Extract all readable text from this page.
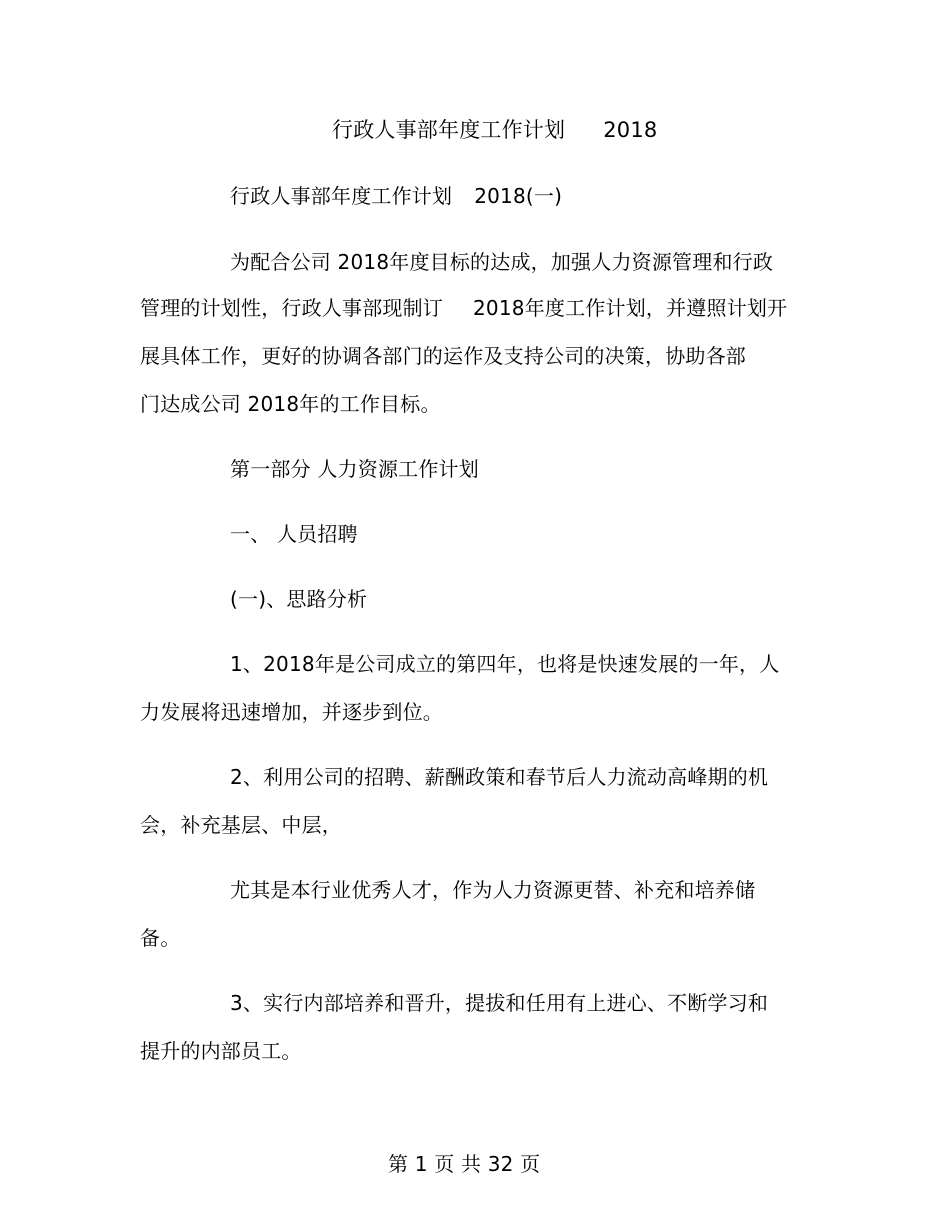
行政人事部年度工作计划 2018
行政人事部年度工作计划 2018(一)
为配合公司 2018年度目标的达成，加强人力资源管理和行政
管理的计划性，行政人事部现制订 2018年度工作计划，并遵照计划开
展具体工作，更好的协调各部门的运作及支持公司的决策，协助各部
门达成公司 2018年的工作目标。
第一部分 人力资源工作计划
一、 人员招聘
(一)、思路分析
1、2018年是公司成立的第四年，也将是快速发展的一年，人
力发展将迅速增加，并逐步到位。
2、利用公司的招聘、薪酬政策和春节后人力流动高峰期的机
会，补充基层、中层，
尤其是本行业优秀人才，作为人力资源更替、补充和培养储
备。
3、实行内部培养和晋升，提拔和任用有上进心、不断学习和
提升的内部员工。
第 1 页 共 32 页
